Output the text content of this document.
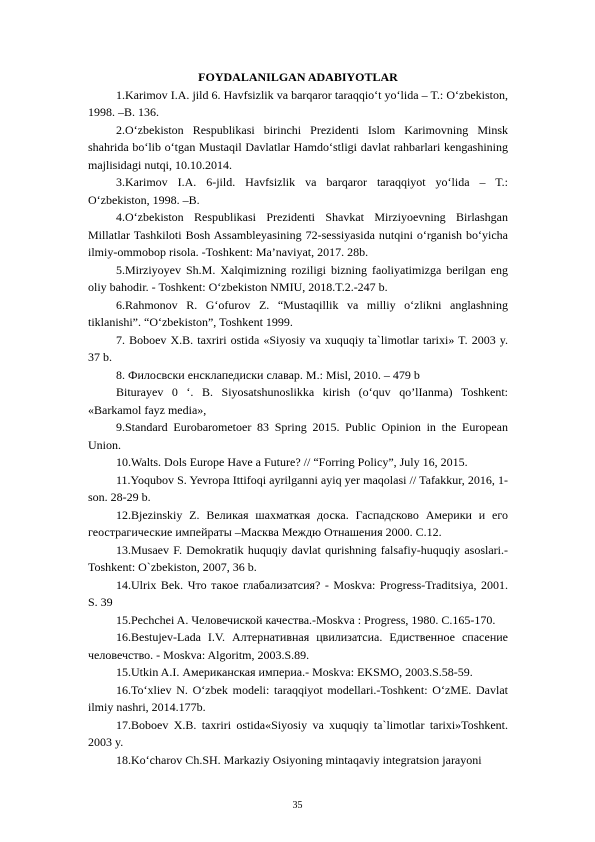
FOYDALANILGAN ADABIYOTLAR

1.Karimov I.A. jild 6. Havfsizlik va barqaror taraqqio‘t yo‘lida – T.: O‘zbekiston, 1998. –B. 136.

2.O‘zbekiston Respublikasi birinchi Prezidenti Islom Karimovning Minsk shahrida bo‘lib o‘tgan Mustaqil Davlatlar Hamdo‘stligi davlat rahbarlari kengashining majlisidagi nutqi, 10.10.2014.

3.Karimov I.A. 6-jild. Havfsizlik va barqaror taraqqiyot yo‘lida – T.: O‘zbekiston, 1998. –B.

4.O‘zbekiston Respublikasi Prezidenti Shavkat Mirziyoevning Birlashgan Millatlar Tashkiloti Bosh Assambleyasining 72-sessiyasida nutqini o‘rganish bo‘yicha ilmiy-ommobop risola. -Toshkent: Ma’naviyat, 2017. 28b.

5.Mirziyoyev Sh.M. Xalqimizning roziligi bizning faoliyatimizga berilgan eng oliy bahodir. - Toshkent: O‘zbekiston NMIU, 2018.T.2.-247 b.

6.Rahmonov R. G‘ofurov Z. “Mustaqillik va milliy o‘zlikni anglashning tiklanishi”. “O‘zbekiston”, Toshkent 1999.

7. Boboev X.B. taxriri ostida «Siyosiy va xuquqiy ta`limotlar tarixi» T. 2003 y. 37 b.

8. Филосвски енсклапедиски славар. М.: Misl, 2010. – 479 b

Biturayev 0 ‘. B. Siyosatshunoslikka kirish (o‘quv qo’lIanma) Toshkent: «Barkamol fayz media»,

9.Standard Eurobarometoer 83 Spring 2015. Public Opinion in the European Union.

10.Walts. Dols Europe Have a Future? // “Forring Policy”, July 16, 2015.

11.Yoqubov S. Yevropa Ittifoqi ayrilganni ayiq yer maqolasi // Tafakkur, 2016, 1-son. 28-29 b.

12.Bjezinskiy Z. Великая шахматкая доска. Гаспадсково Америки и его геострагические импейраты –Масква Междю Отнашения 2000. C.12.

13.Musaev F. Demokratik huquqiy davlat qurishning falsafiy-huquqiy asoslari.-Toshkent: O`zbekiston, 2007, 36 b.

14.Ulrix Bek. Что такое глабализатсия? - Moskva: Progress-Traditsiya, 2001. S. 39

15.Pechchei A. Человечиской качества.-Moskva : Progress, 1980. C.165-170.

16.Bestujev-Lada I.V. Алтернативная цвилизатсиа. Едиственное спасение человечство. - Moskva: Algoritm, 2003.S.89.

15.Utkin A.I. Американская империа.- Moskva: EKSMO, 2003.S.58-59.

16.To‘xliev N. O‘zbek modeli: taraqqiyot modellari.-Toshkent: O‘zME. Davlat ilmiy nashri, 2014.177b.

17.Boboev X.B. taxriri ostida«Siyosiy va xuquqiy ta`limotlar tarixi»Toshkent. 2003 y.

18.Ko‘charov Ch.SH. Markaziy Osiyoning mintaqaviy integratsion jarayoni

35
